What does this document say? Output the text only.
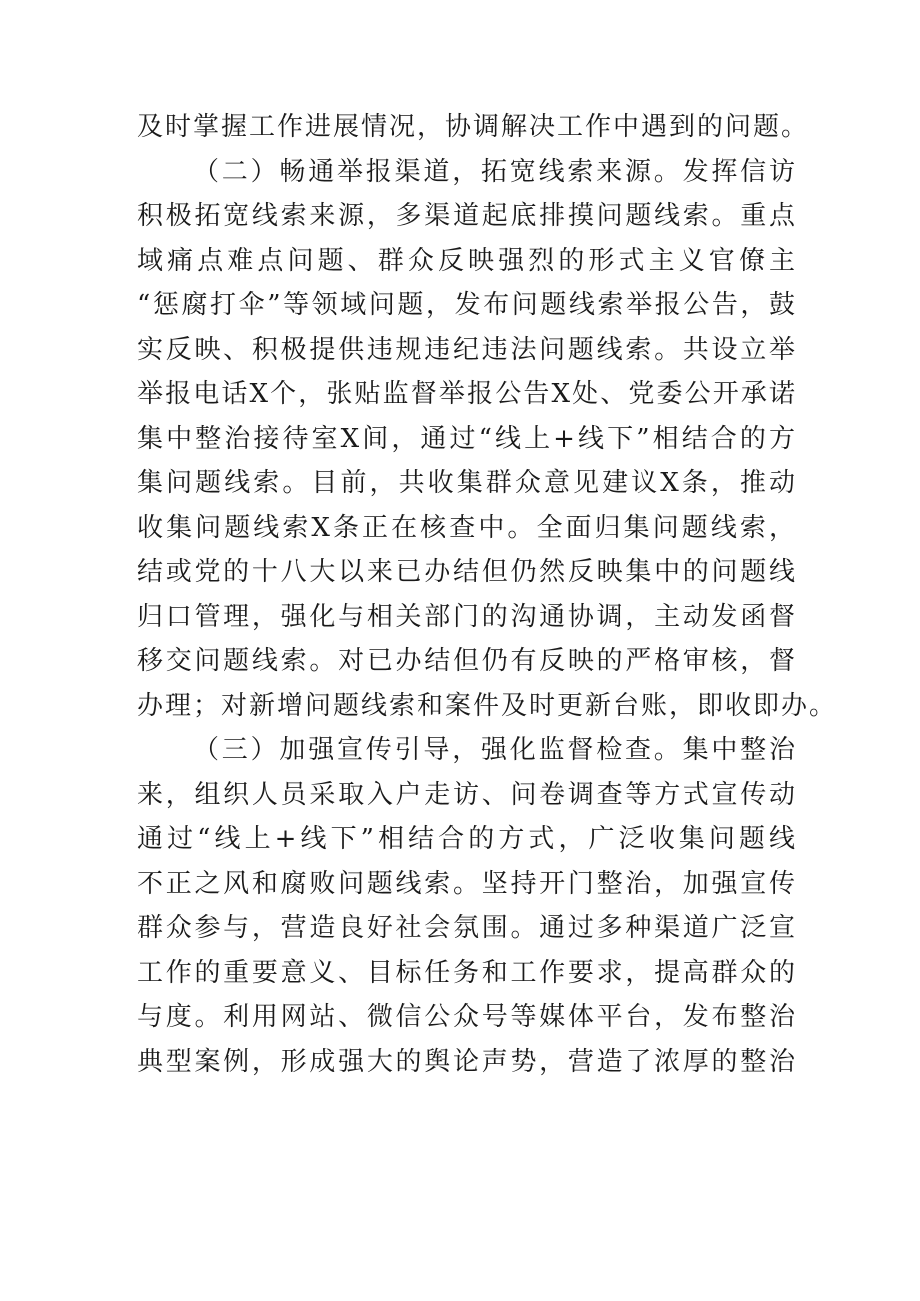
及时掌握工作进展情况，协调解决工作中遇到的问题。
（二）畅通举报渠道，拓宽线索来源。发挥信访
积极拓宽线索来源，多渠道起底排摸问题线索。重点
域痛点难点问题、群众反映强烈的形式主义官僚主
“惩腐打伞”等领域问题，发布问题线索举报公告，鼓
实反映、积极提供违规违纪违法问题线索。共设立举
举报电话X个，张贴监督举报公告X处、党委公开承诺
集中整治接待室X间，通过“线上+线下”相结合的方
集问题线索。目前，共收集群众意见建议X条，推动
收集问题线索X条正在核查中。全面归集问题线索，
结或党的十八大以来已办结但仍然反映集中的问题线
归口管理，强化与相关部门的沟通协调，主动发函督
移交问题线索。对已办结但仍有反映的严格审核，督
办理；对新增问题线索和案件及时更新台账，即收即办。
（三）加强宣传引导，强化监督检查。集中整治
来，组织人员采取入户走访、问卷调查等方式宣传动
通过“线上+线下”相结合的方式，广泛收集问题线
不正之风和腐败问题线索。坚持开门整治，加强宣传
群众参与，营造良好社会氛围。通过多种渠道广泛宣
工作的重要意义、目标任务和工作要求，提高群众的
与度。利用网站、微信公众号等媒体平台，发布整治
典型案例，形成强大的舆论声势，营造了浓厚的整治
